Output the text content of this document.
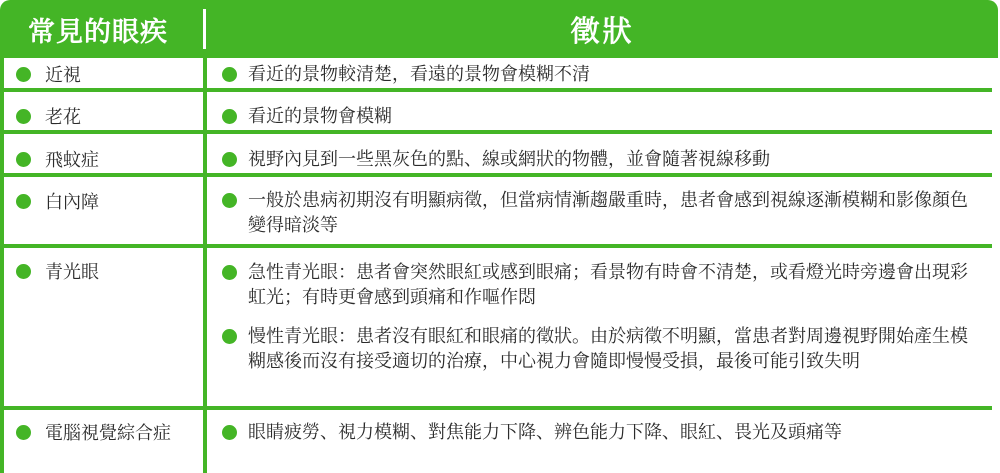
常見的眼疾	徵狀
近視	看近的景物較清楚，看遠的景物會模糊不清
老花	看近的景物會模糊
飛蚊症	視野內見到一些黑灰色的點、線或網狀的物體，並會隨著視線移動
白內障	一般於患病初期沒有明顯病徵，但當病情漸趨嚴重時，患者會感到視線逐漸模糊和影像顏色變得暗淡等
青光眼	急性青光眼：患者會突然眼紅或感到眼痛；看景物有時會不清楚，或看燈光時旁邊會出現彩虹光；有時更會感到頭痛和作嘔作悶
慢性青光眼：患者沒有眼紅和眼痛的徵狀。由於病徵不明顯，當患者對周邊視野開始產生模糊感後而沒有接受適切的治療，中心視力會隨即慢慢受損，最後可能引致失明
電腦視覺綜合症	眼睛疲勞、視力模糊、對焦能力下降、辨色能力下降、眼紅、畏光及頭痛等
